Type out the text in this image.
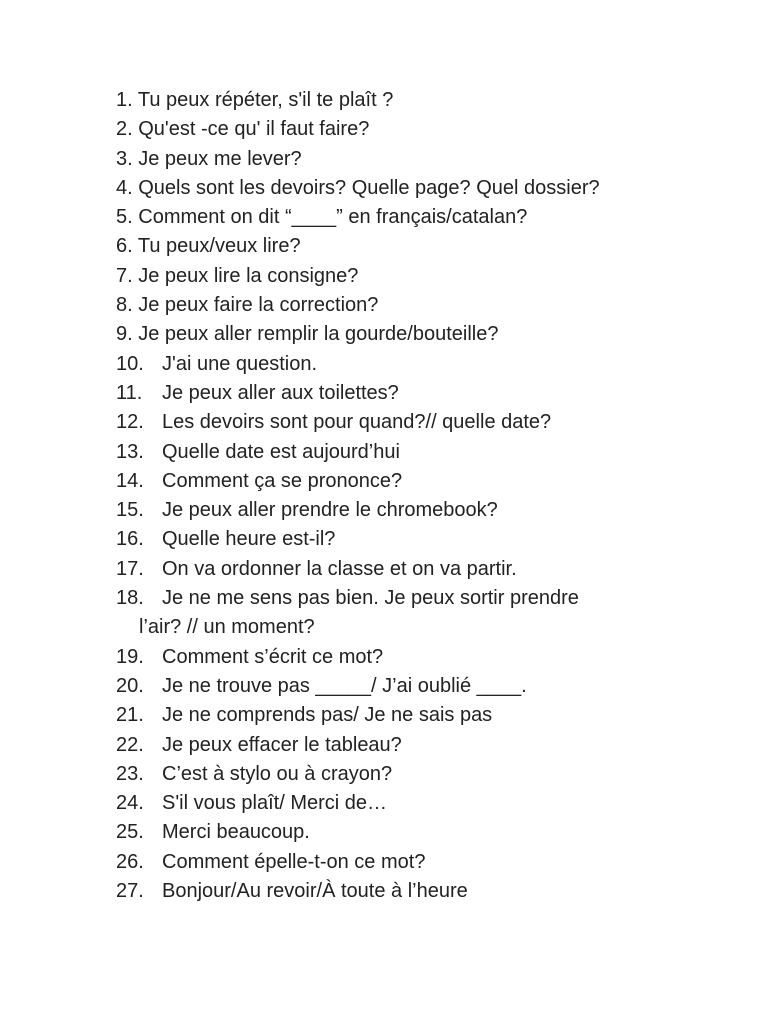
1. Tu peux répéter, s'il te plaît ?
2. Qu'est -ce qu' il faut faire?
3. Je peux me lever?
4. Quels sont les devoirs? Quelle page? Quel dossier?
5. Comment on dit “____” en français/catalan?
6. Tu peux/veux lire?
7. Je peux lire la consigne?
8. Je peux faire la correction?
9. Je peux aller remplir la gourde/bouteille?
10. J'ai une question.
11. Je peux aller aux toilettes?
12. Les devoirs sont pour quand?// quelle date?
13. Quelle date est aujourd’hui
14. Comment ça se prononce?
15. Je peux aller prendre le chromebook?
16. Quelle heure est-il?
17. On va ordonner la classe et on va partir.
18. Je ne me sens pas bien. Je peux sortir prendre
l’air? // un moment?
19. Comment s’écrit ce mot?
20. Je ne trouve pas _____/ J’ai oublié ____.
21. Je ne comprends pas/ Je ne sais pas
22. Je peux effacer le tableau?
23. C’est à stylo ou à crayon?
24. S'il vous plaît/ Merci de…
25. Merci beaucoup.
26. Comment épelle-t-on ce mot?
27. Bonjour/Au revoir/À toute à l’heure
